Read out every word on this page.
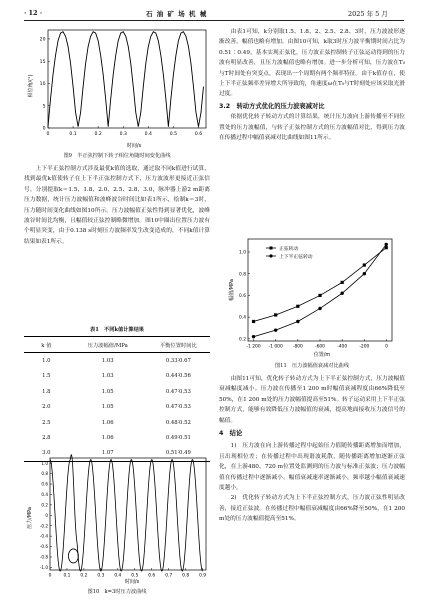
· 12 ·	石 油 矿 场 机 械	2025 年 5 月
0	0.1	0.2	0.3	0.4	0.5	0.6
0
5
10
15
20
相位角/(°)
时间/s
图9　半正弦控制下转子相位角随时间变化曲线

　　上下半正弦控制方式涉及最优k值的选取，通过取不同k值进行试算，找到最优k值使转子在上下半正弦控制方式下，压力波波形更接近正弦信号。分别提取k＝1.5、1.8、2.0、2.5、2.8、3.0，脉冲器上游2 m距离压力数据，统计压力波幅值和波峰波谷时间比如表1所示，绘制k＝3时，压力随时间变化曲线如图10所示。压力波幅值正弦性得到显著优化，波峰波谷时间比均衡，且幅值较正弦控制略微增加。图10中圈出位置压力波有个明显突变，由于0.138 s时刻压力波频率发生改变造成的，不同k值计算结果如表1所示。

表1　不同k值计算结果
k 值	压力波幅值/MPa	平衡位置时间比
1.0	1.03	0.33∶0.67
1.5	1.03	0.44∶0.56
1.8	1.05	0.47∶0.53
2.0	1.05	0.47∶0.53
2.5	1.06	0.48∶0.52
2.8	1.06	0.49∶0.51
3.0	1.07	0.51∶0.49
0	0.1 0.2 0.3 0.4 0.5 0.6 0.7 0.8 0.9
-1.0
-0.8
-0.6
-0.4
-0.2
0
0.2
0.4
0.6
0.8
1.0
压力/MPa
时间/s
图10　k=3时压力波曲线

　　由表1可知，k分别取1.5、1.8、2、2.5、2.8、3时，压力波波形逐渐改善，幅值也略有增加。由图10可知，k取3时压力波平衡期时间占比为0.51∶0.49，基本实现正弦化，压力波正弦控制转子正弦运动得到的压力波有明显改善，且压力波幅值也略有增加。进一步分析可知，压力波在T₀与T时间处有突变点，表现出一个周期有两个频率特征。由于k值存在，使上下半正弦频率差异增大所导致的，角速度ω在T₀与T时刻处应该采取光滑过度。

3.2　转动方式优化的压力波衰减对比

　　依据优化转子转动方式的计算结果，统计压力波向上游传播至不同位置处的压力波幅值，与转子正弦控制方式的压力波幅值对比，得到压力波在传播过程中幅值衰减对比曲线如图11所示。

-1 200 -1 000 -800	-600	-400	-200	0
0.2
0.4
0.6
0.8
1.0
正弦转动
上下半正弦转动
幅值/MPa
位置/m
图11　压力波幅值衰减对比曲线

　　由图11可知，优化转子转动方式为上下半正弦控制方式，压力波幅值衰减幅度减小。压力波在传播至1 200 m时幅值衰减程度由66%降低至50%，在1 200 m处的压力波幅值提高至51%。转子运动采用上下半正弦控制方式，能够有效降低压力波幅值的衰减，提高地面接收压力波信号的幅值。

4　结论

　　1)　压力波在向上游传播过程中起始压力值随传播距离增加而增加，且出现相位差；在传播过程中出现谐波耗散，随传播距离增加逐渐正弦化，在上游480、720 m位置处监测到的压力波与标准正弦波；压力波幅值在传播过程中逐渐减小。幅值衰减速率逐渐减小，频率越小幅值衰减速度越小。

　　2)　优化转子转动方式为上下半正弦控制方式，压力波正弦性明显改善，接近正弦波。在传播过程中幅值衰减幅度由66%降至50%，在1 200 m处的压力波幅值提高至51%。
